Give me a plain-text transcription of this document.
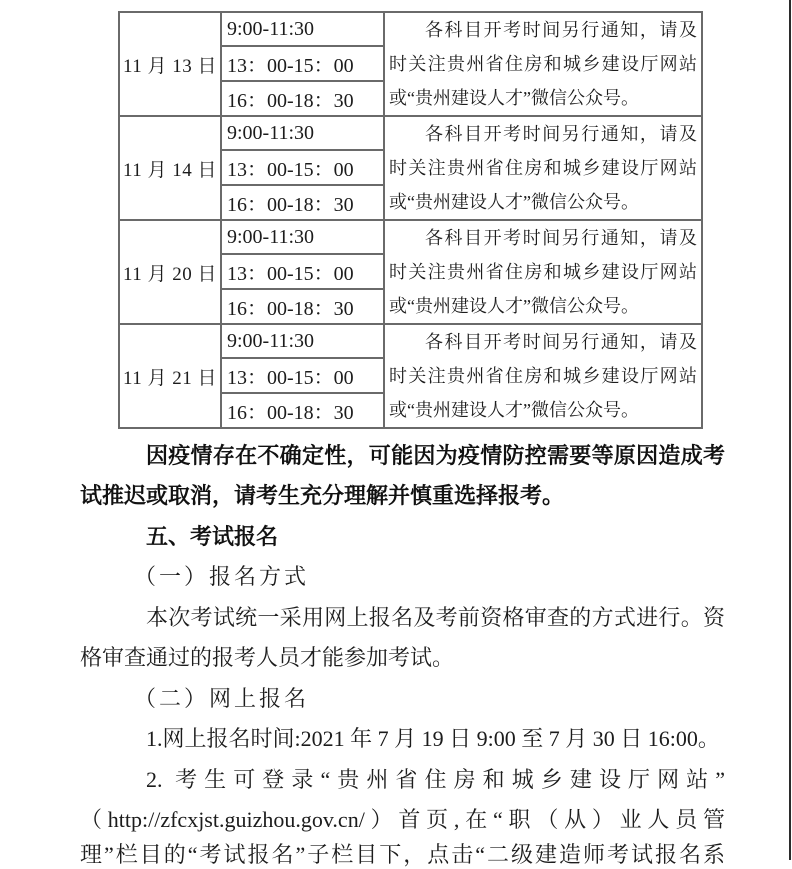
11 月 13 日	9:00-11:30	各科目开考时间另行通知，请及
时关注贵州省住房和城乡建设厅网站
或“贵州建设人才”微信公众号。

	13：00-15：00	
	16：00-18：30	
11 月 14 日	9:00-11:30	各科目开考时间另行通知，请及
时关注贵州省住房和城乡建设厅网站
或“贵州建设人才”微信公众号。

	13：00-15：00	
	16：00-18：30	
11 月 20 日	9:00-11:30	各科目开考时间另行通知，请及
时关注贵州省住房和城乡建设厅网站
或“贵州建设人才”微信公众号。

	13：00-15：00	
	16：00-18：30	
11 月 21 日	9:00-11:30	各科目开考时间另行通知，请及
时关注贵州省住房和城乡建设厅网站
或“贵州建设人才”微信公众号。

	13：00-15：00	
	16：00-18：30	
因疫情存在不确定性，可能因为疫情防控需要等原因造成考
试推迟或取消，请考生充分理解并慎重选择报考。
五、考试报名
（一）报名方式
本次考试统一采用网上报名及考前资格审查的方式进行。资
格审查通过的报考人员才能参加考试。
（二）网上报名
1.网上报名时间:2021 年 7 月 19 日 9:00 至 7 月 30 日 16:00。
2. 考生可登录“贵州省住房和城乡建设厅网站”
（http://zfcxjst.guizhou.gov.cn/）首页,在“职（从）业人员管
理”栏目的“考试报名”子栏目下，点击“二级建造师考试报名系
